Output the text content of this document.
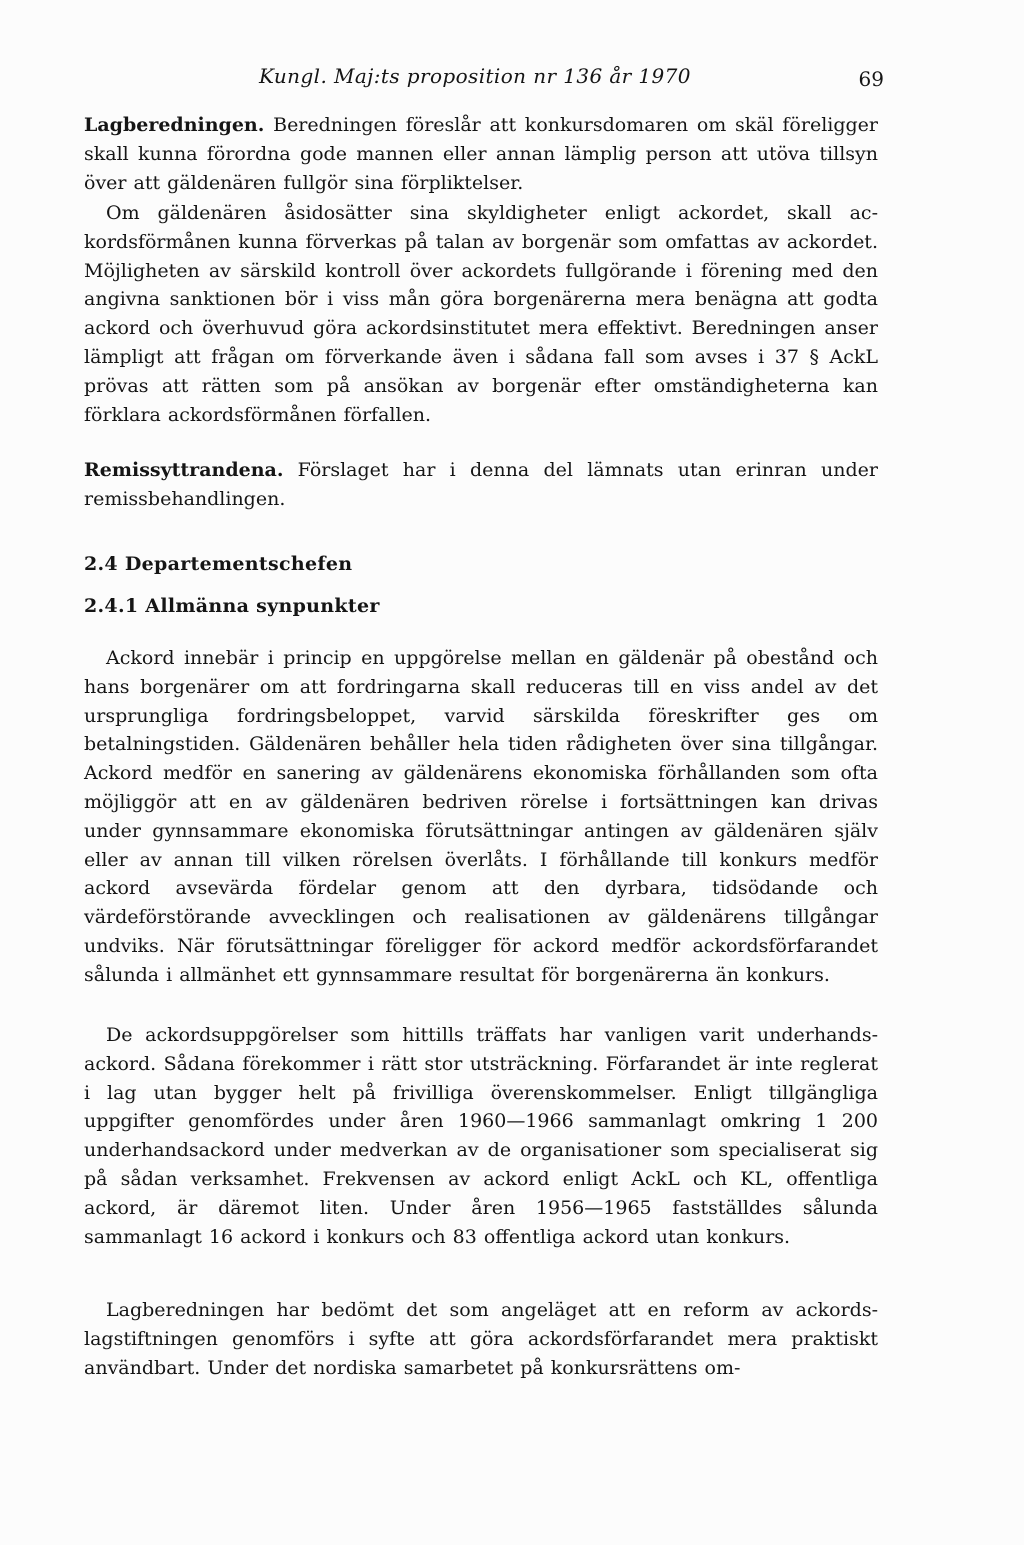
Kungl. Maj:ts proposition nr 136 år 1970	69

Lagberedningen. Beredningen föreslår att konkursdomaren om skäl föreligger skall kunna förordna gode mannen eller annan lämplig person att utöva tillsyn över att gäldenären fullgör sina förpliktelser.

Om gäldenären åsidosätter sina skyldigheter enligt ackordet, skall ackordsförmånen kunna förverkas på talan av borgenär som omfattas av ackordet. Möjligheten av särskild kontroll över ackordets fullgörande i förening med den angivna sanktionen bör i viss mån göra borgenärerna mera benägna att godta ackord och överhuvud göra ackordsinstitutet mera effektivt. Beredningen anser lämpligt att frågan om förverkande även i sådana fall som avses i 37 § AckL prövas att rätten som på ansökan av borgenär efter omständigheterna kan förklara ackordsförmånen förfallen.

Remissyttrandena. Förslaget har i denna del lämnats utan erinran under remissbehandlingen.

2.4 Departementschefen
2.4.1 Allmänna synpunkter

Ackord innebär i princip en uppgörelse mellan en gäldenär på obestånd och hans borgenärer om att fordringarna skall reduceras till en viss andel av det ursprungliga fordringsbeloppet, varvid särskilda föreskrifter ges om betalningstiden. Gäldenären behåller hela tiden rådigheten över sina tillgångar. Ackord medför en sanering av gäldenärens ekonomiska förhållanden som ofta möjliggör att en av gäldenären bedriven rörelse i fortsättningen kan drivas under gynnsammare ekonomiska förutsättningar antingen av gäldenären själv eller av annan till vilken rörelsen överlåts. I förhållande till konkurs medför ackord avsevärda fördelar genom att den dyrbara, tidsödande och värdeförstörande avvecklingen och realisationen av gäldenärens tillgångar undviks. När förutsättningar föreligger för ackord medför ackordsförfarandet sålunda i allmänhet ett gynnsammare resultat för borgenärerna än konkurs.

De ackordsuppgörelser som hittills träffats har vanligen varit underhandsackord. Sådana förekommer i rätt stor utsträckning. Förfarandet är inte reglerat i lag utan bygger helt på frivilliga överenskommelser. Enligt tillgängliga uppgifter genomfördes under åren 1960—1966 sammanlagt omkring 1 200 underhandsackord under medverkan av de organisationer som specialiserat sig på sådan verksamhet. Frekvensen av ackord enligt AckL och KL, offentliga ackord, är däremot liten. Under åren 1956—1965 fastställdes sålunda sammanlagt 16 ackord i konkurs och 83 offentliga ackord utan konkurs.

Lagberedningen har bedömt det som angeläget att en reform av ackordslagstiftningen genomförs i syfte att göra ackordsförfarandet mera praktiskt användbart. Under det nordiska samarbetet på konkursrättens om-
